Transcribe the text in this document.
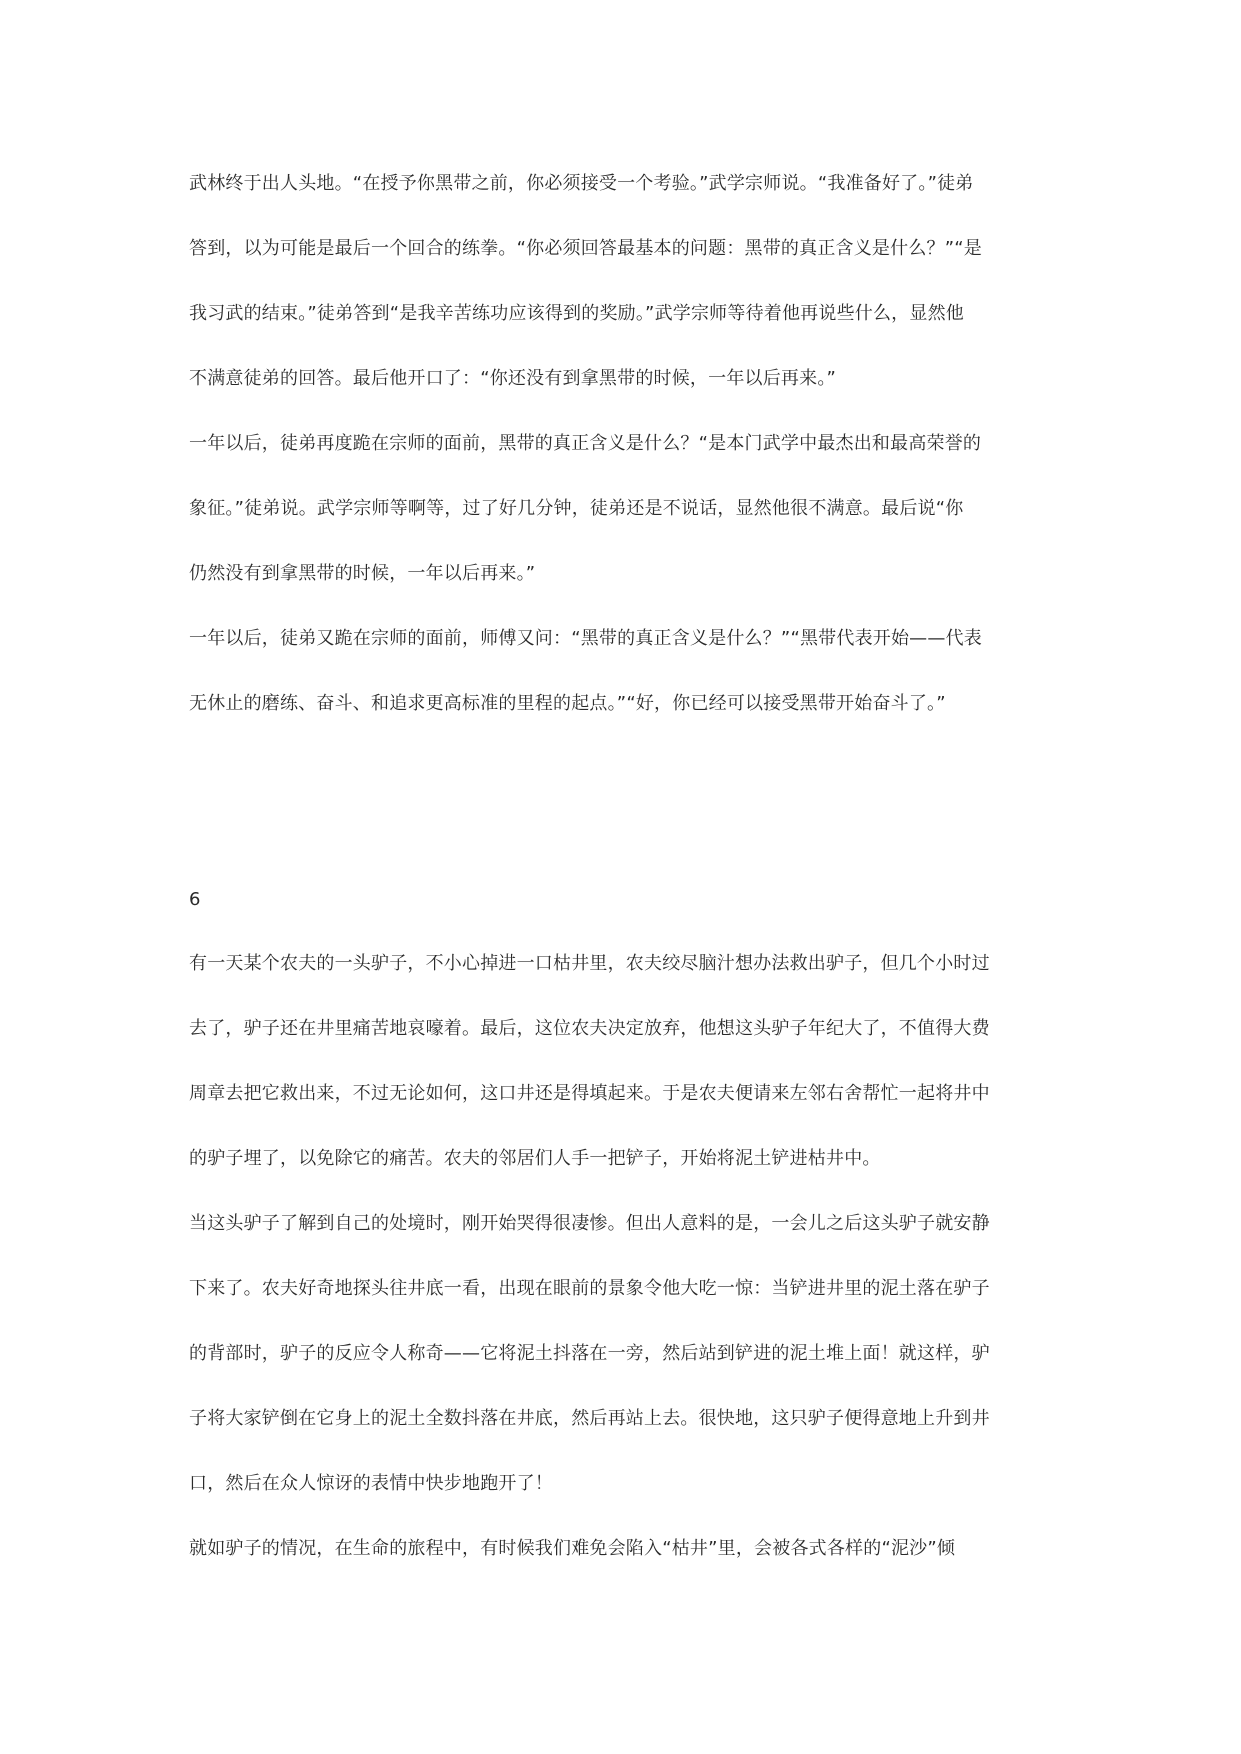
武林终于出人头地。“在授予你黑带之前，你必须接受一个考验。”武学宗师说。“我准备好了。”徒弟
答到，以为可能是最后一个回合的练拳。“你必须回答最基本的问题：黑带的真正含义是什么？”“是
我习武的结束。”徒弟答到“是我辛苦练功应该得到的奖励。”武学宗师等待着他再说些什么，显然他
不满意徒弟的回答。最后他开口了：“你还没有到拿黑带的时候，一年以后再来。”
一年以后，徒弟再度跪在宗师的面前，黑带的真正含义是什么？“是本门武学中最杰出和最高荣誉的
象征。”徒弟说。武学宗师等啊等，过了好几分钟，徒弟还是不说话，显然他很不满意。最后说“你
仍然没有到拿黑带的时候，一年以后再来。”
一年以后，徒弟又跪在宗师的面前，师傅又问：“黑带的真正含义是什么？”“黑带代表开始——代表
无休止的磨练、奋斗、和追求更高标准的里程的起点。”“好，你已经可以接受黑带开始奋斗了。”
6
有一天某个农夫的一头驴子，不小心掉进一口枯井里，农夫绞尽脑汁想办法救出驴子，但几个小时过
去了，驴子还在井里痛苦地哀嚎着。最后，这位农夫决定放弃，他想这头驴子年纪大了，不值得大费
周章去把它救出来，不过无论如何，这口井还是得填起来。于是农夫便请来左邻右舍帮忙一起将井中
的驴子埋了，以免除它的痛苦。农夫的邻居们人手一把铲子，开始将泥土铲进枯井中。
当这头驴子了解到自己的处境时，刚开始哭得很凄惨。但出人意料的是，一会儿之后这头驴子就安静
下来了。农夫好奇地探头往井底一看，出现在眼前的景象令他大吃一惊：当铲进井里的泥土落在驴子
的背部时，驴子的反应令人称奇——它将泥土抖落在一旁，然后站到铲进的泥土堆上面！就这样，驴
子将大家铲倒在它身上的泥土全数抖落在井底，然后再站上去。很快地，这只驴子便得意地上升到井
口，然后在众人惊讶的表情中快步地跑开了！
就如驴子的情况，在生命的旅程中，有时候我们难免会陷入“枯井”里，会被各式各样的“泥沙”倾
